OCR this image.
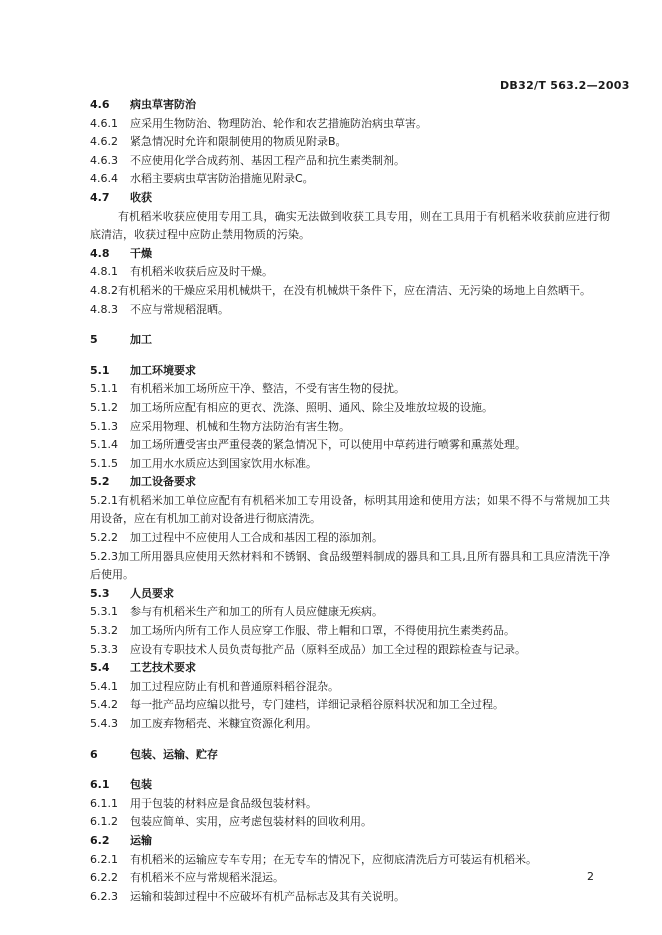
DB32/T 563.2—2003
4.6 病虫草害防治
4.6.1 应采用生物防治、物理防治、轮作和农艺措施防治病虫草害。
4.6.2 紧急情况时允许和限制使用的物质见附录B。
4.6.3 不应使用化学合成药剂、基因工程产品和抗生素类制剂。
4.6.4 水稻主要病虫草害防治措施见附录C。
4.7 收获
有机稻米收获应使用专用工具，确实无法做到收获工具专用，则在工具用于有机稻米收获前应进行彻底清洁，收获过程中应防止禁用物质的污染。
4.8 干燥
4.8.1 有机稻米收获后应及时干燥。
4.8.2有机稻米的干燥应采用机械烘干，在没有机械烘干条件下，应在清洁、无污染的场地上自然晒干。
4.8.3 不应与常规稻混晒。
5	加工
5.1 加工环境要求
5.1.1 有机稻米加工场所应干净、整洁，不受有害生物的侵扰。
5.1.2 加工场所应配有相应的更衣、洗涤、照明、通风、除尘及堆放垃圾的设施。
5.1.3 应采用物理、机械和生物方法防治有害生物。
5.1.4 加工场所遭受害虫严重侵袭的紧急情况下，可以使用中草药进行喷雾和熏蒸处理。
5.1.5 加工用水水质应达到国家饮用水标准。
5.2 加工设备要求
5.2.1有机稻米加工单位应配有有机稻米加工专用设备，标明其用途和使用方法；如果不得不与常规加工共用设备，应在有机加工前对设备进行彻底清洗。
5.2.2 加工过程中不应使用人工合成和基因工程的添加剂。
5.2.3加工所用器具应使用天然材料和不锈钢、食品级塑料制成的器具和工具,且所有器具和工具应清洗干净后使用。
5.3 人员要求
5.3.1 参与有机稻米生产和加工的所有人员应健康无疾病。
5.3.2 加工场所内所有工作人员应穿工作服、带上帽和口罩，不得使用抗生素类药品。
5.3.3 应设有专职技术人员负责每批产品（原料至成品）加工全过程的跟踪检查与记录。
5.4 工艺技术要求
5.4.1 加工过程应防止有机和普通原料稻谷混杂。
5.4.2 每一批产品均应编以批号，专门建档，详细记录稻谷原料状况和加工全过程。
5.4.3 加工废弃物稻壳、米糠宜资源化利用。
6	包装、运输、贮存
6.1 包装
6.1.1 用于包装的材料应是食品级包装材料。
6.1.2 包装应简单、实用，应考虑包装材料的回收利用。
6.2 运输
6.2.1 有机稻米的运输应专车专用；在无专车的情况下，应彻底清洗后方可装运有机稻米。
6.2.2 有机稻米不应与常规稻米混运。
6.2.3 运输和装卸过程中不应破坏有机产品标志及其有关说明。
2
